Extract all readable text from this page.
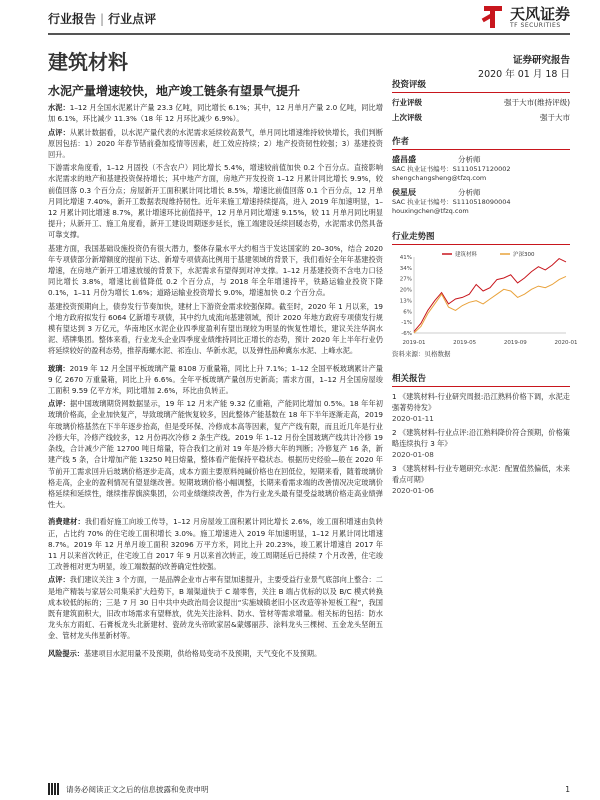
行业报告 | 行业点评	天风证券
TF SECURITIES
建筑材料	证券研究报告
2020 年 01 月 18 日
水泥产量增速较快，地产竣工链条有望景气提升

水泥：1–12 月全国水泥累计产量 23.3 亿吨，同比增长 6.1%；其中，12 月单月产量 2.0 亿吨，同比增加 6.1%，环比减少 11.3%（18 年 12 月环比减少 6.9%）。

点评：从累计数据看，以水泥产量代表的水泥需求延续较高景气，单月同比增速维持较快增长，我们判断原因包括：1）2020 年春节错前叠加疫情等因素，赶工效应持续；2）地产投资韧性较强；3）基建投资回升。

下游需求角度看，1–12 月固投（不含农户）同比增长 5.4%，增速较前值加快 0.2 个百分点。直接影响水泥需求的地产和基建投资保持增长；其中地产方面，房地产开发投资 1–12 月累计同比增长 9.9%，较前值回落 0.3 个百分点；房屋新开工面积累计同比增长 8.5%，增速比前值回落 0.1 个百分点，12 月单月同比增速 7.40%，新开工数据表现维持韧性。近年来施工增速持续提高，进入 2019 年加速明显，1–12 月累计同比增速 8.7%，累计增速环比前值持平，12 月单月同比增速 9.15%，较 11 月单月同比明显提升；从新开工、施工角度看，新开工建设周期逐步延长，施工端建设延续回暖态势，水泥需求仍然具备可靠支撑。

基建方面，我国基础设施投资仍有很大潜力，整体存量水平大约相当于发达国家的 20–30%，结合 2020 年专项债部分新增额度的提前下达、新增专项债高比例用于基建领域的背景下，我们看好全年年基建投资增速，在房地产新开工增速放缓的背景下，水泥需求有望得到对冲支撑。1–12 月基建投资不含电力口径同比增长 3.8%，增速比前值降低 0.2 个百分点，与 2018 年全年增速持平，铁路运输业投资下降 0.1%，1–11 月份为增长 1.6%；道路运输业投资增长 9.0%，增速加快 0.2 个百分点。

基建投资预期向上，债券发行节奏加快，建材上下游资金需求较强保障。截至时，2020 年 1 月以来，19 个地方政府拟发行 6064 亿新增专项债，其中约九成流向基建领域，预计 2020 年地方政府专项债发行规模有望达到 3 万亿元，华南地区水泥企业四季度盈利有望出现较为明显的恢复性增长，建议关注华润水泥、塔牌集团。整体来看，行业龙头企业四季度业绩维持同比正增长的态势，预计 2020 年上半年行业仍将延续较好的盈利态势，推荐海螺水泥、祁连山、华新水泥，以及弹性品种冀东水泥、上峰水泥。

玻璃：2019 年 12 月全国平板玻璃产量 8108 万重量箱，同比上升 7.1%；1–12 全国平板玻璃累计产量 9 亿 2670 万重量箱，同比上升 6.6%。全年平板玻璃产量创历史新高；需求方面，1–12 月全国房屋竣工面积 9.59 亿平方米，同比增加 2.6%，环比由负转正。

点评：据中国玻璃期货网数据显示，19 年 12 月末产能 9.32 亿重箱，产能同比增加 0.5%。18 年年初玻璃价格高，企业加快复产，导致玻璃产能恢复较多，因此整体产能基数在 18 年下半年逐渐走高，2019 年玻璃价格基然在下半年逐步抬高，但是受环保、冷修成本高等因素，复产产线有限，而且近几年是行业冷修大年，冷修产线较多，12 月份再次冷修 2 条生产线。2019 年 1–12 月份全国玻璃产线共计冷修 19 条线，合计减少产能 12700 吨日熔量，符合我们之前对 19 年是冷修大年的判断；冷修复产 16 条，新建产线 5 条，合计增加产能 13250 吨日熔量，整体看产能保持平稳状态。根据历史经验—般在 2020 年节前开工需求回升后玻璃价格逐步走高，成本方面主要原料纯碱价格也在回低位，短期来看，随着玻璃价格走高，企业的盈利情况有望显继改善。短期玻璃价格小幅调整，长期来看需求端的改善情况决定玻璃价格延续和延续性，继续推荐旗滨集团，公司业绩继续改善，作为行业龙头最有望受益玻璃价格走高业绩弹性大。

消费建材：我们看好施工向竣工传导，1–12 月房屋竣工面积累计同比增长 2.6%，竣工面积增速由负转正，占比约 70% 的住宅竣工面积增长 3.0%。施工增速进入 2019 年加速明显，1–12 月累计同比增速 8.7%。2019 年 12 月单月竣工面积 32096 万平方米，同比上升 20.23%，竣工累计增速自 2017 年 11 月以来首次转正，住宅竣工自 2017 年 9 月以来首次转正，竣工周期延后已持续 7 个月改善，住宅竣工改善相对更为明显，竣工端数据的改善确定性较强。

点评：我们建议关注 3 个方面，一是品牌企业市占率有望加速提升，主要受益行业景气底部向上整合：二是地产精装与家居公司集采扩大趋势下，B 端渠道快于 C 端零售，关注 B 端占优标的以及 B/C 模式转换成本较低的标的；三是 7 月 30 日中共中央政治局会议提出“实施城镇老旧小区改造等补短板工程”，我国既有建筑面积大，旧改市场需求有望释放，优先关注涂料、防水、管材等需求增量。相关标的包括：防水龙头东方雨虹、石膏板龙头北新建材、瓷砖龙头帝欧家居&蒙娜丽莎、涂料龙头三棵树、五金龙头坚朗五金、管材龙头伟星新材等。

风险提示：基建项目水泥用量不及预期，供给格局变动不及预期，天气变化不及预期。

投资评级
行业评级	强于大市(维持评级)
上次评级	强于大市
作者
盛昌盛	分析师
SAC 执业证书编号：S1110517120002
shengchangsheng@tfzq.com
侯星辰	分析师
SAC 执业证书编号：S1110518090004
houxingchen@tfzq.com
行业走势图
41%
34%
27%
20%
13%
6%
-1%
-6%
2019-01	2019-05	2019-09	2020-01
建筑材料	沪深300
资料来源：贝格数据
相关报告
1 《建筑材料-行业研究周报:沿江熟料价格下调，水泥走强著势待发》
2020-01-11
2 《建筑材料-行业点评:沿江熟料降价符合预期，价格策略连续执行 3 年》
2020-01-08
3 《建筑材料-行业专题研究:水泥：配置值然偏低，未来看点可期》
2020-01-06
请务必阅读正文之后的信息披露和免责申明	1
